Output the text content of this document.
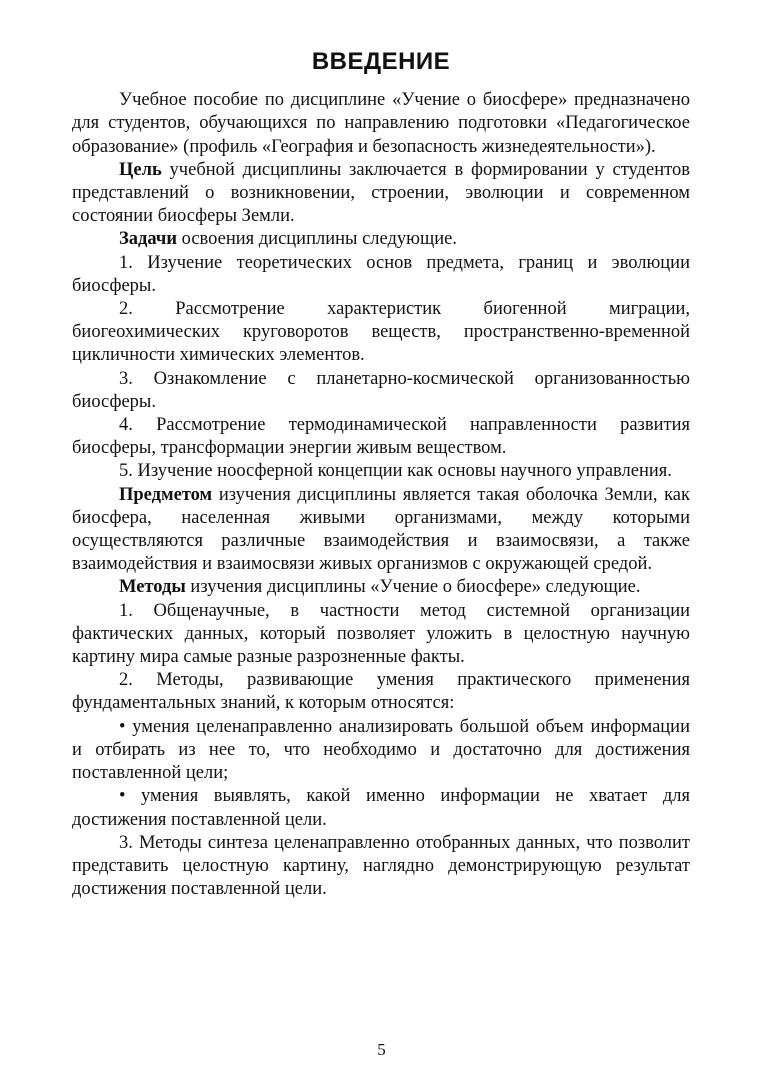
ВВЕДЕНИЕ

Учебное пособие по дисциплине «Учение о биосфере» предназначено для студентов, обучающихся по направлению подготовки «Педагогическое образование» (профиль «География и безопасность жизнедеятельности»).

Цель учебной дисциплины заключается в формировании у студентов представлений о возникновении, строении, эволюции и современном состоянии биосферы Земли.

Задачи освоения дисциплины следующие.

1. Изучение теоретических основ предмета, границ и эволюции биосферы.

2. Рассмотрение характеристик биогенной миграции, биогеохимических круговоротов веществ, пространственно-временной цикличности химических элементов.

3. Ознакомление с планетарно-космической организованностью биосферы.

4. Рассмотрение термодинамической направленности развития биосферы, трансформации энергии живым веществом.

5. Изучение ноосферной концепции как основы научного управления.

Предметом изучения дисциплины является такая оболочка Земли, как биосфера, населенная живыми организмами, между которыми осуществляются различные взаимодействия и взаимосвязи, а также взаимодействия и взаимосвязи живых организмов с окружающей средой.

Методы изучения дисциплины «Учение о биосфере» следующие.

1. Общенаучные, в частности метод системной организации фактических данных, который позволяет уложить в целостную научную картину мира самые разные разрозненные факты.

2. Методы, развивающие умения практического применения фундаментальных знаний, к которым относятся:

• умения целенаправленно анализировать большой объем информации и отбирать из нее то, что необходимо и достаточно для достижения поставленной цели;

• умения выявлять, какой именно информации не хватает для достижения поставленной цели.

3. Методы синтеза целенаправленно отобранных данных, что позволит представить целостную картину, наглядно демонстрирующую результат достижения поставленной цели.

5
